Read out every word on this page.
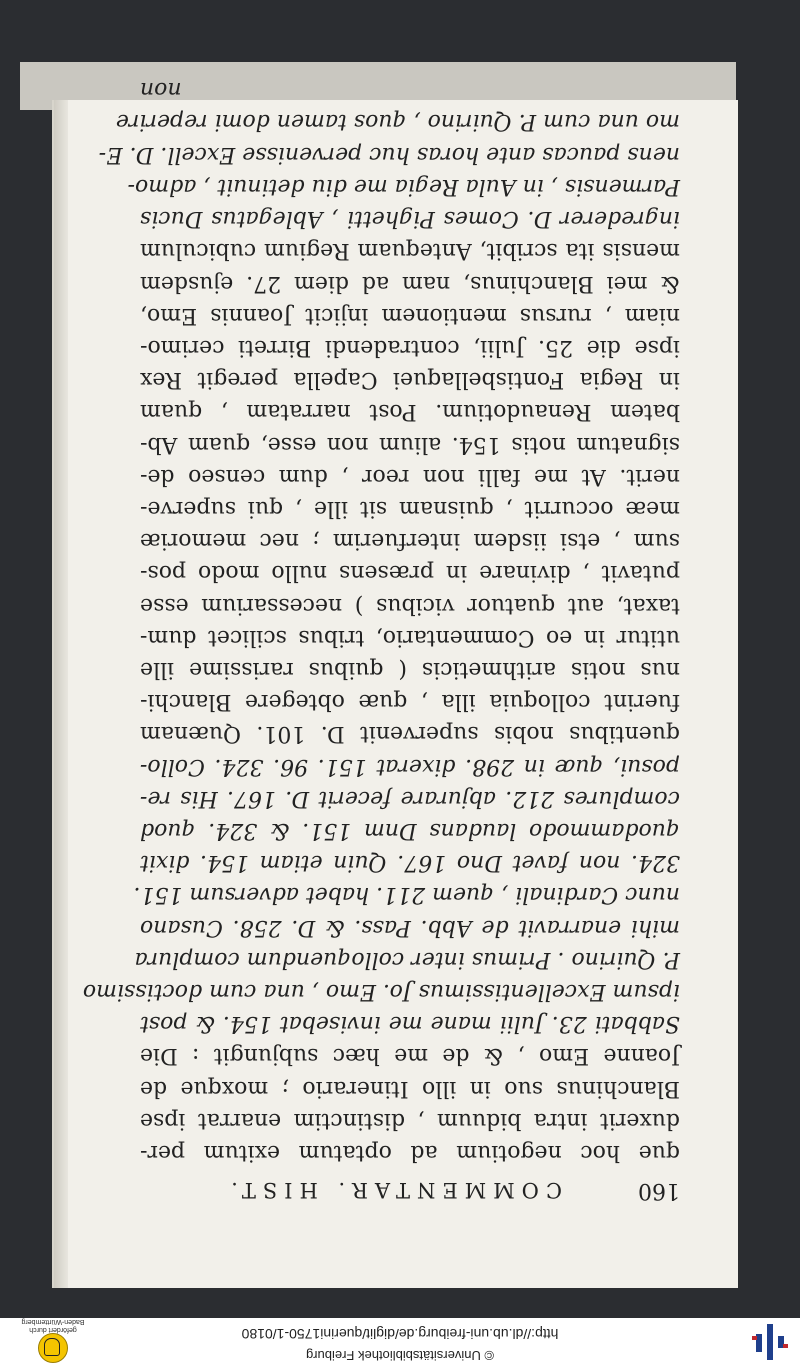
© Universitätsbibliothek Freiburg
http://dl.ub.uni-freiburg.de/diglit/querini1750-1/0180
gefördert durch
Baden-Württemberg
160
COMMENTAR. HIST.
que hoc negotium ad optatum exitum per-
duxerit intra biduum , distinctim enarrat ipse
Blanchinus suo in illo Itinerario ; moxque de
Joanne Emo , & de me hæc subjungit : Die
Sabbati 23. Julii mane me invisebat 154. & post
ipsum Excellentissimus Jo. Emo , una cum doctissimo
P. Quirino . Primus inter colloquendum complura
mihi enarravit de Abb. Pass. & D. 258. Cusano
nunc Cardinali , quem 211. habet adversum 151.
324. non favet Dno 167. Quin etiam 154. dixit
quodammodo laudans Dnm 151. & 324. quod
complures 212. abjurare fecerit D. 167. His re-
posui, quæ in 298. dixerat 151. 96. 324. Collo-
quentibus nobis supervenit D. 101. Quænam
fuerint colloquia illa , quæ obtegere Blanchi-
nus notis arithmeticis ( quibus rarissime ille
utitur in eo Commentario, tribus scilicet dum-
taxat, aut quatuor vicibus ) necessarium esse
putavit , divinare in præsens nullo modo pos-
sum , etsi iisdem interfuerim ; nec memoriæ
meæ occurrit , quisnam sit ille , qui superve-
nerit. At me falli non reor , dum censeo de-
signatum notis 154. alium non esse, quam Ab-
batem Renaudotium. Post narratam , quam
in Regia Fontisbellaquei Capella peregit Rex
ipse die 25. Julii, contradendi Birreti cerimo-
niam , rursus mentionem injicit Joannis Emo,
& mei Blanchinus, nam ad diem 27. ejusdem
mensis ita scribit, Antequam Regium cubiculum
ingrederer D. Comes Pighetti , Ablegatus Ducis
Parmensis , in Aula Regia me diu detinuit , admo-
nens paucas ante horas huc pervenisse Excell. D. E-
mo una cum P. Quirino , quos tamen domi reperire
non
